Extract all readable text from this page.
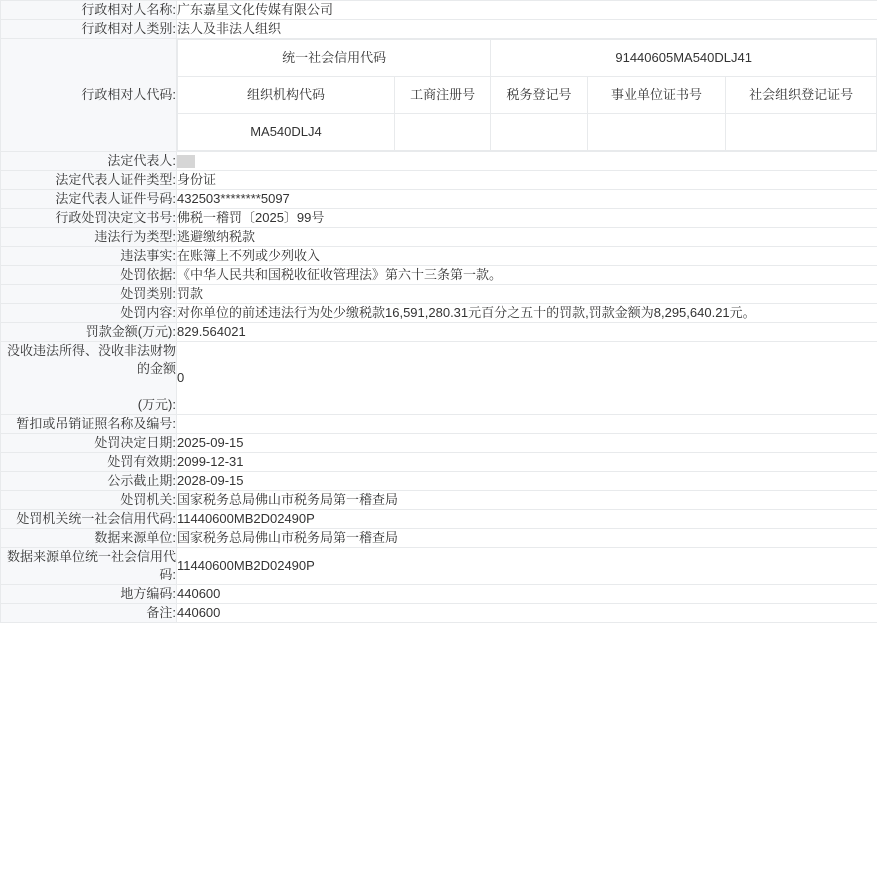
行政相对人名称:	广东嘉星文化传媒有限公司
行政相对人类别:	法人及非法人组织
行政相对人代码:	
统一社会信用代码	91440605MA540DLJ41
组织机构代码	工商注册号	税务登记号	事业单位证书号	社会组织登记证号
MA540DLJ4				

法定代表人:	
法定代表人证件类型:	身份证
法定代表人证件号码:	432503********5097
行政处罚决定文书号:	佛税一稽罚〔2025〕99号
违法行为类型:	逃避缴纳税款
违法事实:	在账簿上不列或少列收入
处罚依据:	《中华人民共和国税收征收管理法》第六十三条第一款。
处罚类别:	罚款
处罚内容:	对你单位的前述违法行为处少缴税款16,591,280.31元百分之五十的罚款,罚款金额为8,295,640.21元。
罚款金额(万元):	829.564021

没收违法所得、没收非法财物的金额
(万元):
	0
暂扣或吊销证照名称及编号:	
处罚决定日期:	2025-09-15
处罚有效期:	2099-12-31
公示截止期:	2028-09-15
处罚机关:	国家税务总局佛山市税务局第一稽查局
处罚机关统一社会信用代码:	11440600MB2D02490P
数据来源单位:	国家税务总局佛山市税务局第一稽查局
数据来源单位统一社会信用代码:	11440600MB2D02490P
地方编码:	440600
备注:	440600
